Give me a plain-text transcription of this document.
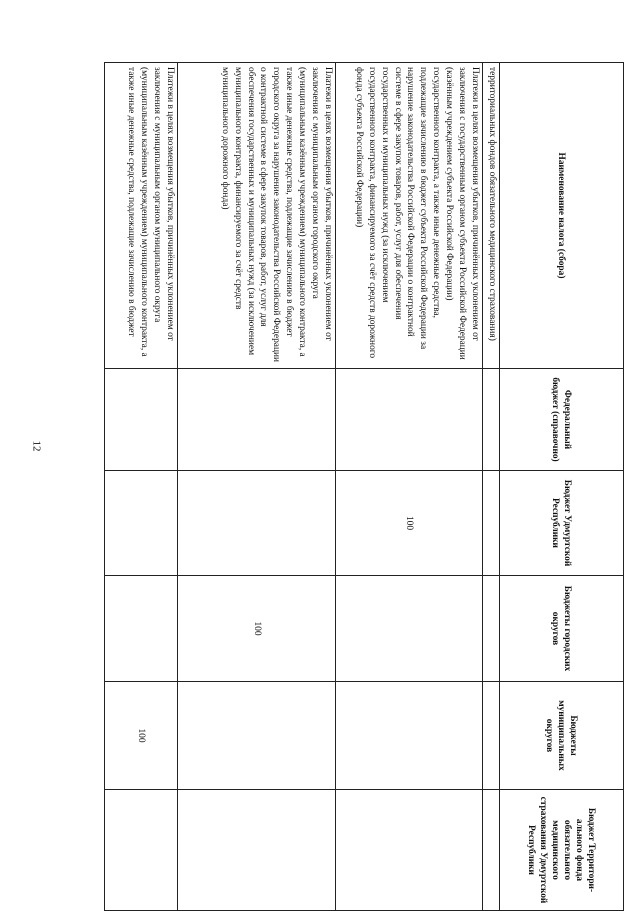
12
Наименование налога (сбора)	Федеральный бюджет (справочно)	Бюджет Удмуртской Республики	Бюджеты городских округов	Бюджеты муниципальных округов	Бюджет Территори-ального фонда обязательного медицинского страхования Удмуртской Республики
территориальных фондов обязательного медицинского страхования)					
Платежи в целях возмещения убытков, причинённых уклонением от заключения с государственным органом субъекта Российской Федерации (казённым учреждением субъекта Российской Федерации) государственного контракта, а также иные денежные средства, подлежащие зачислению в бюджет субъекта Российской Федерации за нарушение законодательства Российской Федерации о контрактной системе в сфере закупок товаров, работ, услуг для обеспечения государственных и муниципальных нужд (за исключением государственного контракта, финансируемого за счёт средств дорожного фонда субъекта Российской Федерации)		100			
Платежи в целях возмещения убытков, причинённых уклонением от заключения с муниципальным органом городского округа (муниципальным казённым учреждением) муниципального контракта, а также иные денежные средства, подлежащие зачислению в бюджет городского округа за нарушение законодательства Российской Федерации о контрактной системе в сфере закупок товаров, работ, услуг для обеспечения государственных и муниципальных нужд (за исключением муниципального контракта, финансируемого за счёт средств муниципального дорожного фонда)			100		
Платежи в целях возмещения убытков, причинённых уклонением от заключения с муниципальным органом муниципального округа (муниципальным казённым учреждением) муниципального контракта, а также иные денежные средства, подлежащие зачислению в бюджет				100	
